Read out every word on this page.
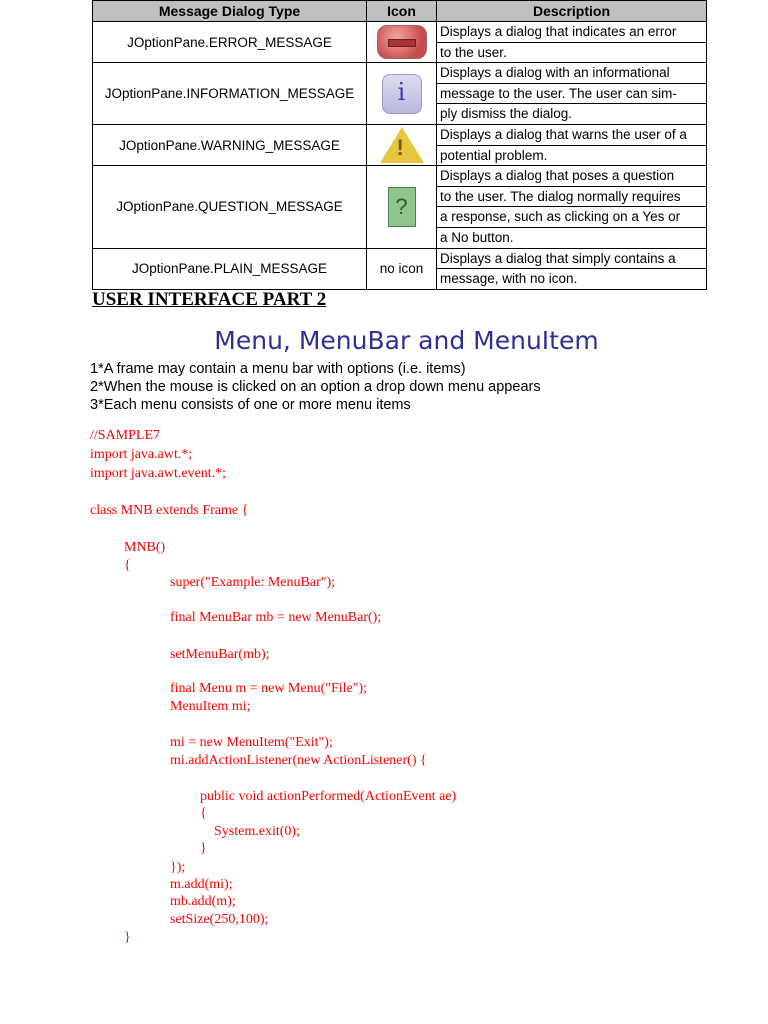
Message Dialog Type	Icon	Description
JOptionPane.ERROR_MESSAGE		Displays a dialog that indicates an error
to the user.

JOptionPane.INFORMATION_MESSAGE	i	Displays a dialog with an informational
message to the user. The user can sim-
ply dismiss the dialog.

JOptionPane.WARNING_MESSAGE	!	Displays a dialog that warns the user of a
potential problem.

JOptionPane.QUESTION_MESSAGE	?	Displays a dialog that poses a question
to the user. The dialog normally requires
a response, such as clicking on a Yes or
a No button.

JOptionPane.PLAIN_MESSAGE	no icon	Displays a dialog that simply contains a
message, with no icon.
USER INTERFACE PART 2
Menu, MenuBar and MenuItem
1*A frame may contain a menu bar with options (i.e. items)
2*When the mouse is clicked on an option a drop down menu appears
3*Each menu consists of one or more menu items

//SAMPLE7

import java.awt.*;

import java.awt.event.*;

class MNB extends Frame {

MNB()

{

super("Example: MenuBar");

final MenuBar mb = new MenuBar();

setMenuBar(mb);

final Menu m = new Menu("File");

MenuItem mi;

mi = new MenuItem("Exit");

mi.addActionListener(new ActionListener() {

public void actionPerformed(ActionEvent ae)

{

System.exit(0);

}

});

m.add(mi);

mb.add(m);

setSize(250,100);

}
